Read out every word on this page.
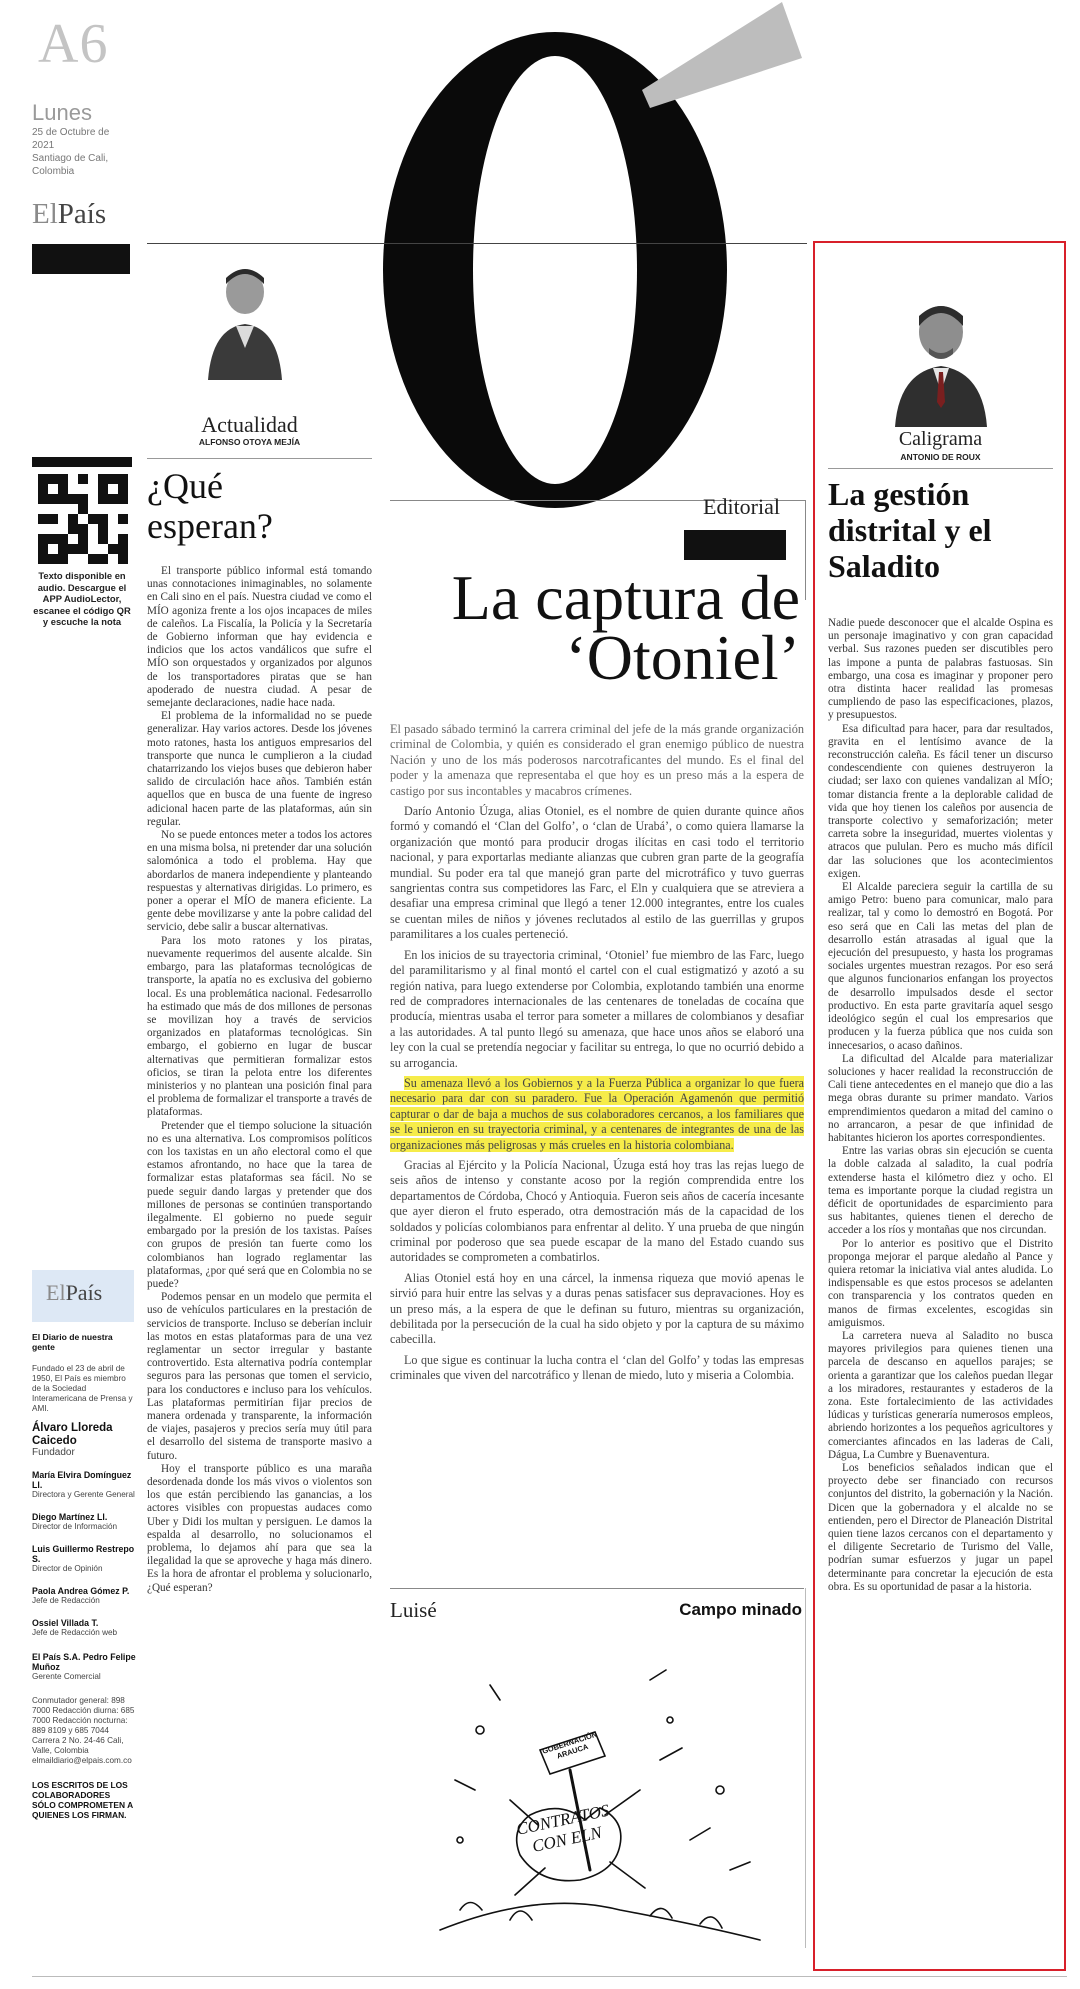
A6
Lunes
25 de Octubre de 2021
Santiago de Cali, Colombia
ElPaís
Actualidad
ALFONSO OTOYA MEJÍA
¿Qué esperan?

El transporte público informal está tomando unas connotaciones inimaginables, no solamente en Cali sino en el país. Nuestra ciudad ve como el MÍO agoniza frente a los ojos incapaces de miles de caleños. La Fiscalía, la Policía y la Secretaría de Gobierno informan que hay evidencia e indicios que los actos vandálicos que sufre el MÍO son orquestados y organizados por algunos de los transportadores piratas que se han apoderado de nuestra ciudad. A pesar de semejante declaraciones, nadie hace nada.

El problema de la informalidad no se puede generalizar. Hay varios actores. Desde los jóvenes moto ratones, hasta los antiguos empresarios del transporte que nunca le cumplieron a la ciudad chatarrizando los viejos buses que debieron haber salido de circulación hace años. También están aquellos que en busca de una fuente de ingreso adicional hacen parte de las plataformas, aún sin regular.

No se puede entonces meter a todos los actores en una misma bolsa, ni pretender dar una solución salomónica a todo el problema. Hay que abordarlos de manera independiente y planteando respuestas y alternativas dirigidas. Lo primero, es poner a operar el MÍO de manera eficiente. La gente debe movilizarse y ante la pobre calidad del servicio, debe salir a buscar alternativas.

Para los moto ratones y los piratas, nuevamente requerimos del ausente alcalde. Sin embargo, para las plataformas tecnológicas de transporte, la apatía no es exclusiva del gobierno local. Es una problemática nacional. Fedesarrollo ha estimado que más de dos millones de personas se movilizan hoy a través de servicios organizados en plataformas tecnológicas. Sin embargo, el gobierno en lugar de buscar alternativas que permitieran formalizar estos oficios, se tiran la pelota entre los diferentes ministerios y no plantean una posición final para el problema de formalizar el transporte a través de plataformas.

Pretender que el tiempo solucione la situación no es una alternativa. Los compromisos políticos con los taxistas en un año electoral como el que estamos afrontando, no hace que la tarea de formalizar estas plataformas sea fácil. No se puede seguir dando largas y pretender que dos millones de personas se continúen transportando ilegalmente. El gobierno no puede seguir embargado por la presión de los taxistas. Países con grupos de presión tan fuerte como los colombianos han logrado reglamentar las plataformas, ¿por qué será que en Colombia no se puede?

Podemos pensar en un modelo que permita el uso de vehículos particulares en la prestación de servicios de transporte. Incluso se deberían incluir las motos en estas plataformas para de una vez reglamentar un sector irregular y bastante controvertido. Esta alternativa podría contemplar seguros para las personas que tomen el servicio, para los conductores e incluso para los vehículos. Las plataformas permitirían fijar precios de manera ordenada y transparente, la información de viajes, pasajeros y precios sería muy útil para el desarrollo del sistema de transporte masivo a futuro.

Hoy el transporte público es una maraña desordenada donde los más vivos o violentos son los que están percibiendo las ganancias, a los actores visibles con propuestas audaces como Uber y Didi los multan y persiguen. Le damos la espalda al desarrollo, no solucionamos el problema, lo dejamos ahí para que sea la ilegalidad la que se aproveche y haga más dinero. Es la hora de afrontar el problema y solucionarlo, ¿Qué esperan?

Texto disponible en audio. Descargue el APP AudioLector, escanee el código QR y escuche la nota
ElPaís
El Diario de nuestra gente
Fundado el 23 de abril de 1950, El País es miembro de la Sociedad Interamericana de Prensa y AMI.
Álvaro Lloreda Caicedo
Fundador
María Elvira Domínguez Ll.
Directora y Gerente General
Diego Martínez Ll.
Director de Información
Luis Guillermo Restrepo S.
Director de Opinión
Paola Andrea Gómez P.
Jefe de Redacción
Ossiel Villada T.
Jefe de Redacción web
El País S.A. Pedro Felipe Muñoz
Gerente Comercial
Conmutador general: 898 7000 Redacción diurna: 685 7000 Redacción nocturna: 889 8109 y 685 7044 Carrera 2 No. 24-46 Cali, Valle, Colombia elmaildiario@elpais.com.co
LOS ESCRITOS DE LOS COLABORADORES SÓLO COMPROMETEN A QUIENES LOS FIRMAN.
Editorial
La captura de ‘Otoniel’

El pasado sábado terminó la carrera criminal del jefe de la más grande organización criminal de Colombia, y quién es considerado el gran enemigo público de nuestra Nación y uno de los más poderosos narcotraficantes del mundo. Es el final del poder y la amenaza que representaba el que hoy es un preso más a la espera de castigo por sus incontables y macabros crímenes.

Darío Antonio Úzuga, alias Otoniel, es el nombre de quien durante quince años formó y comandó el ‘Clan del Golfo’, o ‘clan de Urabá’, o como quiera llamarse la organización que montó para producir drogas ilícitas en casi todo el territorio nacional, y para exportarlas mediante alianzas que cubren gran parte de la geografía mundial. Su poder era tal que manejó gran parte del microtráfico y tuvo guerras sangrientas contra sus competidores las Farc, el Eln y cualquiera que se atreviera a desafiar una empresa criminal que llegó a tener 12.000 integrantes, entre los cuales se cuentan miles de niños y jóvenes reclutados al estilo de las guerrillas y grupos paramilitares a los cuales perteneció.

En los inicios de su trayectoria criminal, ‘Otoniel’ fue miembro de las Farc, luego del paramilitarismo y al final montó el cartel con el cual estigmatizó y azotó a su región nativa, para luego extenderse por Colombia, explotando también una enorme red de compradores internacionales de las centenares de toneladas de cocaína que producía, mientras usaba el terror para someter a millares de colombianos y desafiar a las autoridades. A tal punto llegó su amenaza, que hace unos años se elaboró una ley con la cual se pretendía negociar y facilitar su entrega, lo que no ocurrió debido a su arrogancia.

Su amenaza llevó a los Gobiernos y a la Fuerza Pública a organizar lo que fuera necesario para dar con su paradero. Fue la Operación Agamenón que permitió capturar o dar de baja a muchos de sus colaboradores cercanos, a los familiares que se le unieron en su trayectoria criminal, y a centenares de integrantes de una de las organizaciones más peligrosas y más crueles en la historia colombiana.

Gracias al Ejército y la Policía Nacional, Úzuga está hoy tras las rejas luego de seis años de intenso y constante acoso por la región comprendida entre los departamentos de Córdoba, Chocó y Antioquia. Fueron seis años de cacería incesante que ayer dieron el fruto esperado, otra demostración más de la capacidad de los soldados y policías colombianos para enfrentar al delito. Y una prueba de que ningún criminal por poderoso que sea puede escapar de la mano del Estado cuando sus autoridades se comprometen a combatirlos.

Alias Otoniel está hoy en una cárcel, la inmensa riqueza que movió apenas le sirvió para huir entre las selvas y a duras penas satisfacer sus depravaciones. Hoy es un preso más, a la espera de que le definan su futuro, mientras su organización, debilitada por la persecución de la cual ha sido objeto y por la captura de su máximo cabecilla.

Lo que sigue es continuar la lucha contra el ‘clan del Golfo’ y todas las empresas criminales que viven del narcotráfico y llenan de miedo, luto y miseria a Colombia.

Luisé	Campo minado
GOBERNACIÓN ARAUCA
CONTRATOS CON ELN
Caligrama
ANTONIO DE ROUX
La gestión distrital y el Saladito

Nadie puede desconocer que el alcalde Ospina es un personaje imaginativo y con gran capacidad verbal. Sus razones pueden ser discutibles pero las impone a punta de palabras fastuosas. Sin embargo, una cosa es imaginar y proponer pero otra distinta hacer realidad las promesas cumpliendo de paso las especificaciones, plazos, y presupuestos.

Esa dificultad para hacer, para dar resultados, gravita en el lentísimo avance de la reconstrucción caleña. Es fácil tener un discurso condescendiente con quienes destruyeron la ciudad; ser laxo con quienes vandalizan al MÍO; tomar distancia frente a la deplorable calidad de vida que hoy tienen los caleños por ausencia de transporte colectivo y semaforización; meter carreta sobre la inseguridad, muertes violentas y atracos que pululan. Pero es mucho más difícil dar las soluciones que los acontecimientos exigen.

El Alcalde pareciera seguir la cartilla de su amigo Petro: bueno para comunicar, malo para realizar, tal y como lo demostró en Bogotá. Por eso será que en Cali las metas del plan de desarrollo están atrasadas al igual que la ejecución del presupuesto, y hasta los programas sociales urgentes muestran rezagos. Por eso será que algunos funcionarios enfangan los proyectos de desarrollo impulsados desde el sector productivo. En esta parte gravitaría aquel sesgo ideológico según el cual los empresarios que producen y la fuerza pública que nos cuida son innecesarios, o acaso dañinos.

La dificultad del Alcalde para materializar soluciones y hacer realidad la reconstrucción de Cali tiene antecedentes en el manejo que dio a las mega obras durante su primer mandato. Varios emprendimientos quedaron a mitad del camino o no arrancaron, a pesar de que infinidad de habitantes hicieron los aportes correspondientes.

Entre las varias obras sin ejecución se cuenta la doble calzada al saladito, la cual podría extenderse hasta el kilómetro diez y ocho. El tema es importante porque la ciudad registra un déficit de oportunidades de esparcimiento para sus habitantes, quienes tienen el derecho de acceder a los ríos y montañas que nos circundan.

Por lo anterior es positivo que el Distrito proponga mejorar el parque aledaño al Pance y quiera retomar la iniciativa vial antes aludida. Lo indispensable es que estos procesos se adelanten con transparencia y los contratos queden en manos de firmas excelentes, escogidas sin amiguismos.

La carretera nueva al Saladito no busca mayores privilegios para quienes tienen una parcela de descanso en aquellos parajes; se orienta a garantizar que los caleños puedan llegar a los miradores, restaurantes y estaderos de la zona. Este fortalecimiento de las actividades lúdicas y turísticas generaría numerosos empleos, abriendo horizontes a los pequeños agricultores y comerciantes afincados en las laderas de Cali, Dágua, La Cumbre y Buenaventura.

Los beneficios señalados indican que el proyecto debe ser financiado con recursos conjuntos del distrito, la gobernación y la Nación. Dicen que la gobernadora y el alcalde no se entienden, pero el Director de Planeación Distrital quien tiene lazos cercanos con el departamento y el diligente Secretario de Turismo del Valle, podrían sumar esfuerzos y jugar un papel determinante para concretar la ejecución de esta obra. Es su oportunidad de pasar a la historia.
